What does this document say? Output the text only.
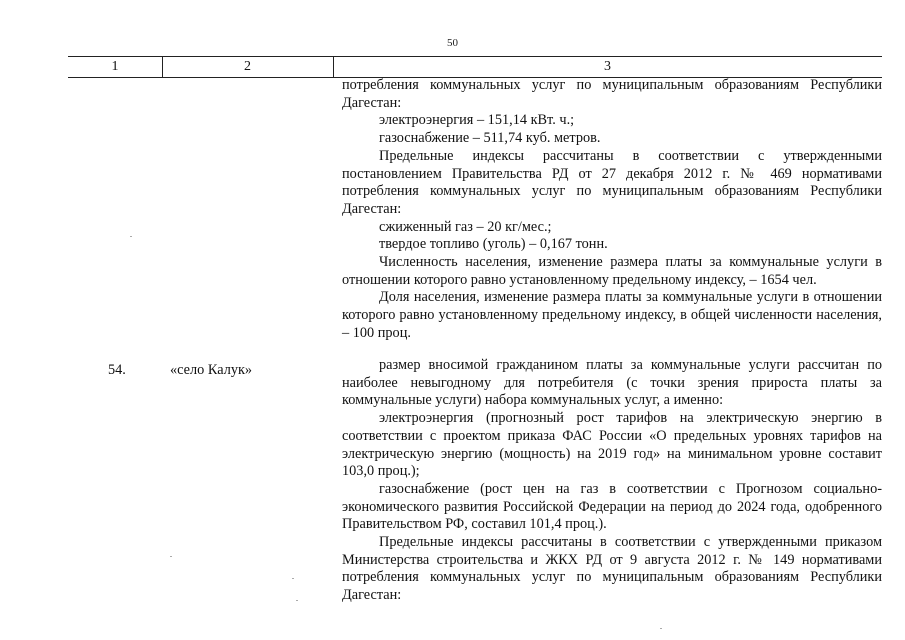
50
1	2	3

потребления коммунальных услуг по муниципальным образованиям Республики Дагестан:

электроэнергия – 151,14 кВт. ч.;

газоснабжение – 511,74 куб. метров.

Предельные индексы рассчитаны в соответствии с утвержденными постановлением Правительства РД от 27 декабря 2012 г. № 469 нормативами потребления коммунальных услуг по муниципальным образованиям Республики Дагестан:

сжиженный газ – 20 кг/мес.;

твердое топливо (уголь) – 0,167 тонн.

Численность населения, изменение размера платы за коммунальные услуги в отношении которого равно установленному предельному индексу, – 1654 чел.

Доля населения, изменение размера платы за коммунальные услуги в отношении которого равно установленному предельному индексу, в общей численности населения, – 100 проц.

54.	«село Калук»	размер вносимой гражданином платы за коммунальные услуги рассчитан по наиболее невыгодному для потребителя (с точки зрения прироста платы за коммунальные услуги) набора коммунальных услуг, а именно:

электроэнергия (прогнозный рост тарифов на электрическую энергию в соответствии с проектом приказа ФАС России «О предельных уровнях тарифов на электрическую энергию (мощность) на 2019 год» на минимальном уровне составит 103,0 проц.);

газоснабжение (рост цен на газ в соответствии с Прогнозом социально-экономического развития Российской Федерации на период до 2024 года, одобренного Правительством РФ, составил 101,4 проц.).

Предельные индексы рассчитаны в соответствии с утвержденными приказом Министерства строительства и ЖКХ РД от 9 августа 2012 г. № 149 нормативами потребления коммунальных услуг по муниципальным образованиям Республики Дагестан:
